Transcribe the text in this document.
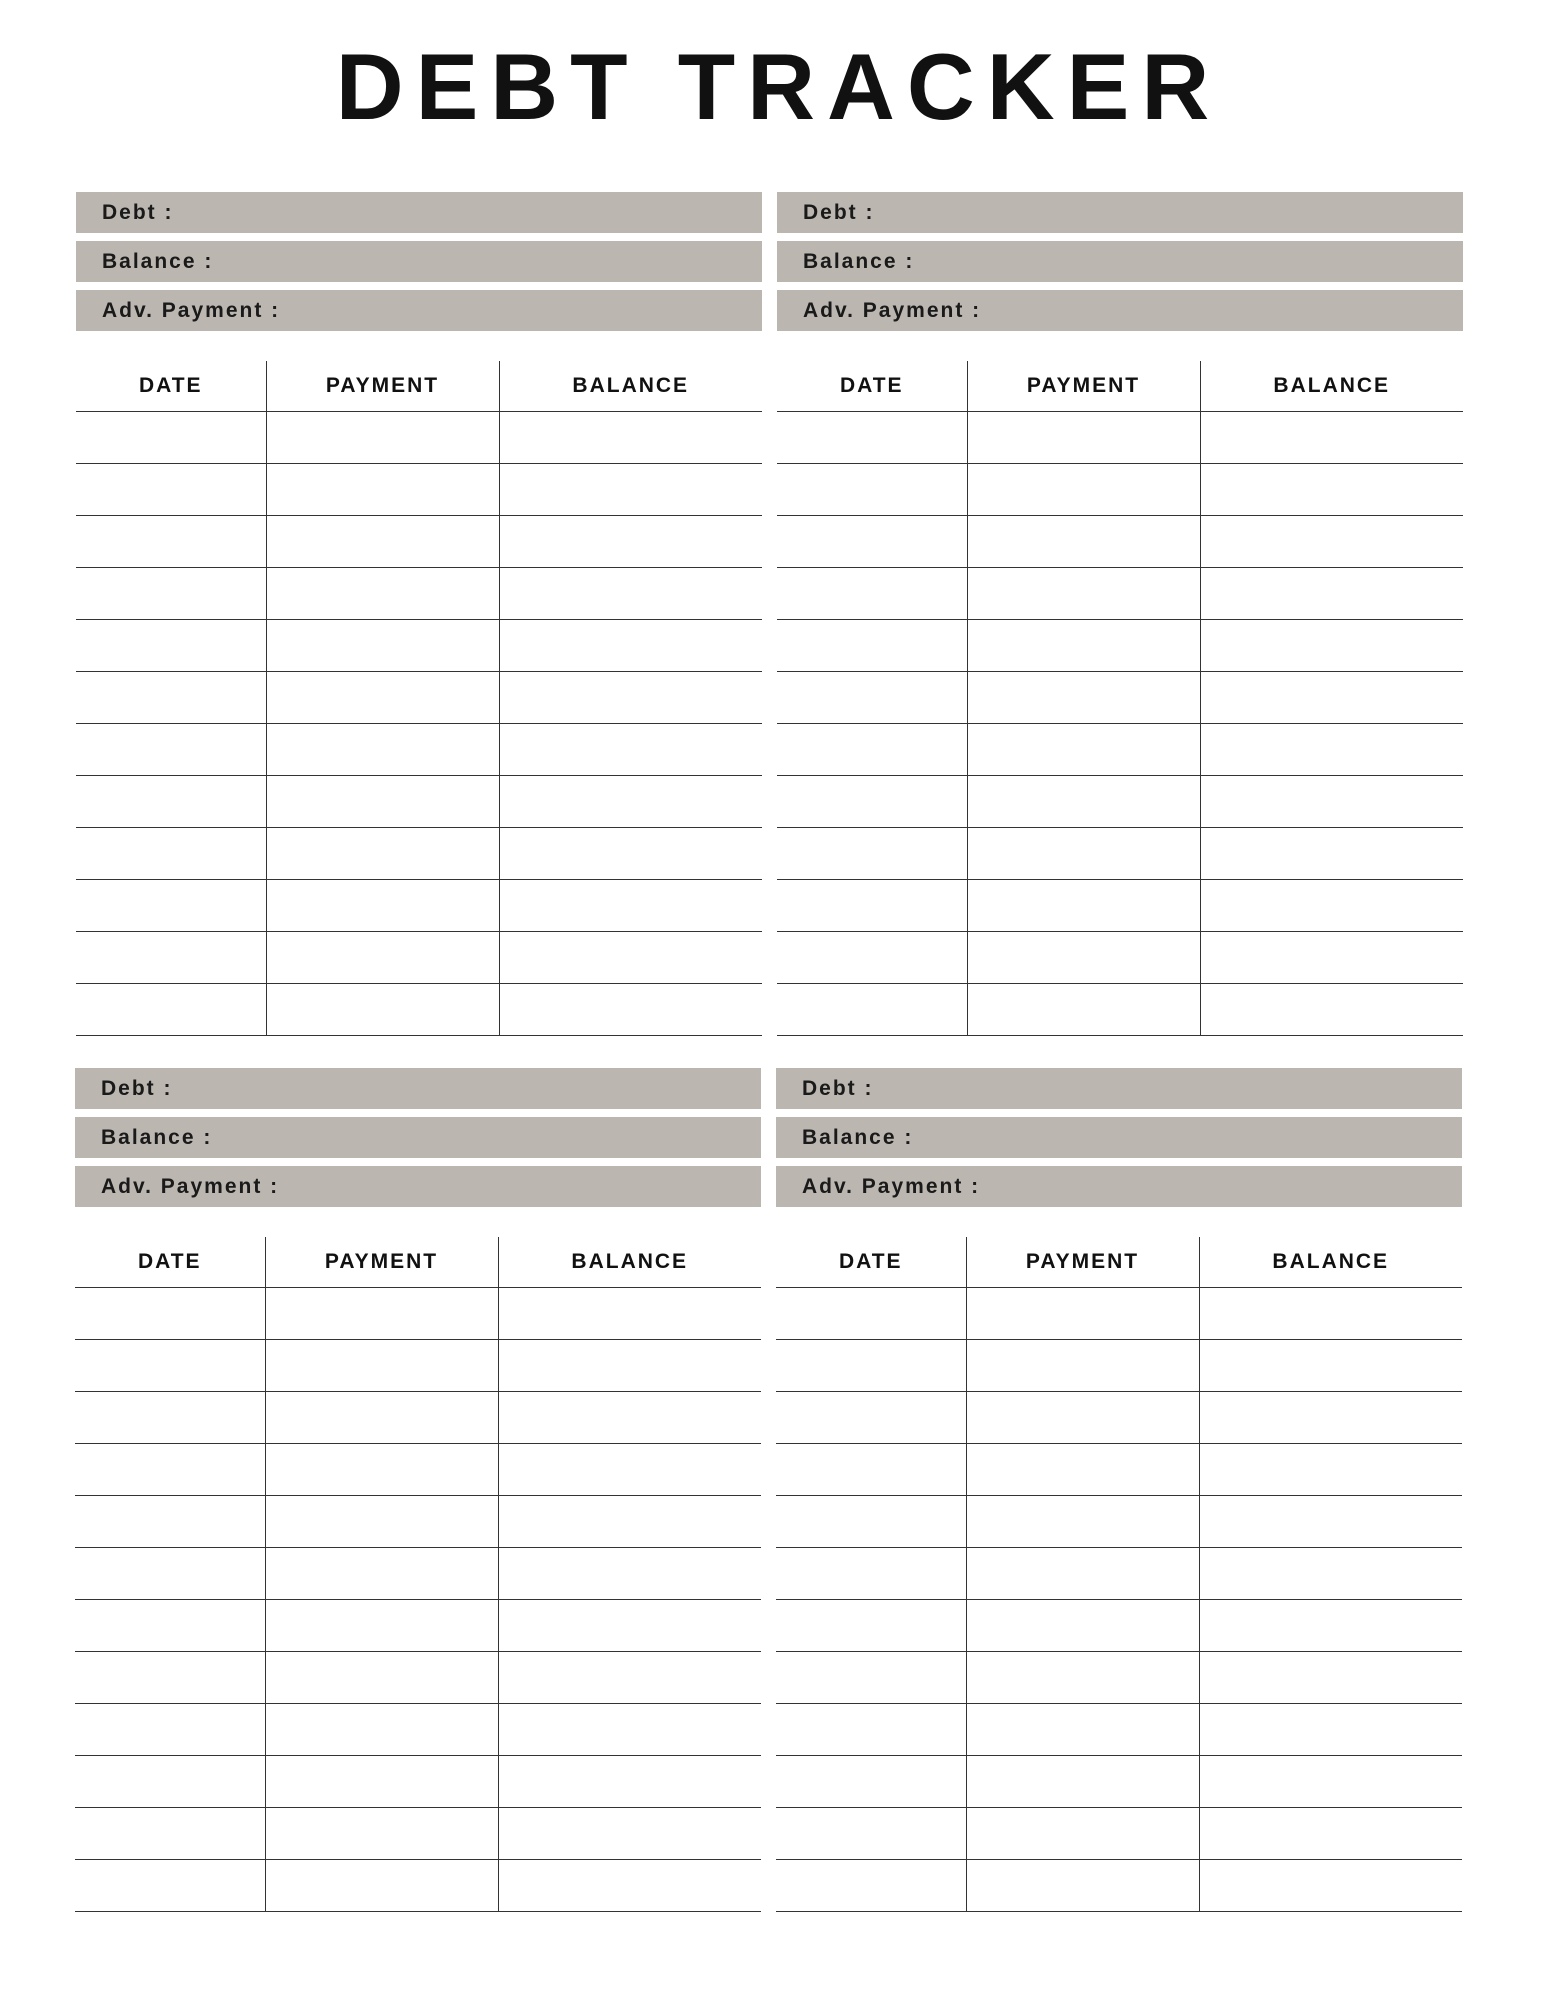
DEBT TRACKER
Debt :
Balance :
Adv. Payment :
DATE	PAYMENT	BALANCE

Debt :
Balance :
Adv. Payment :
DATE	PAYMENT	BALANCE

Debt :
Balance :
Adv. Payment :
DATE	PAYMENT	BALANCE

Debt :
Balance :
Adv. Payment :
DATE	PAYMENT	BALANCE
